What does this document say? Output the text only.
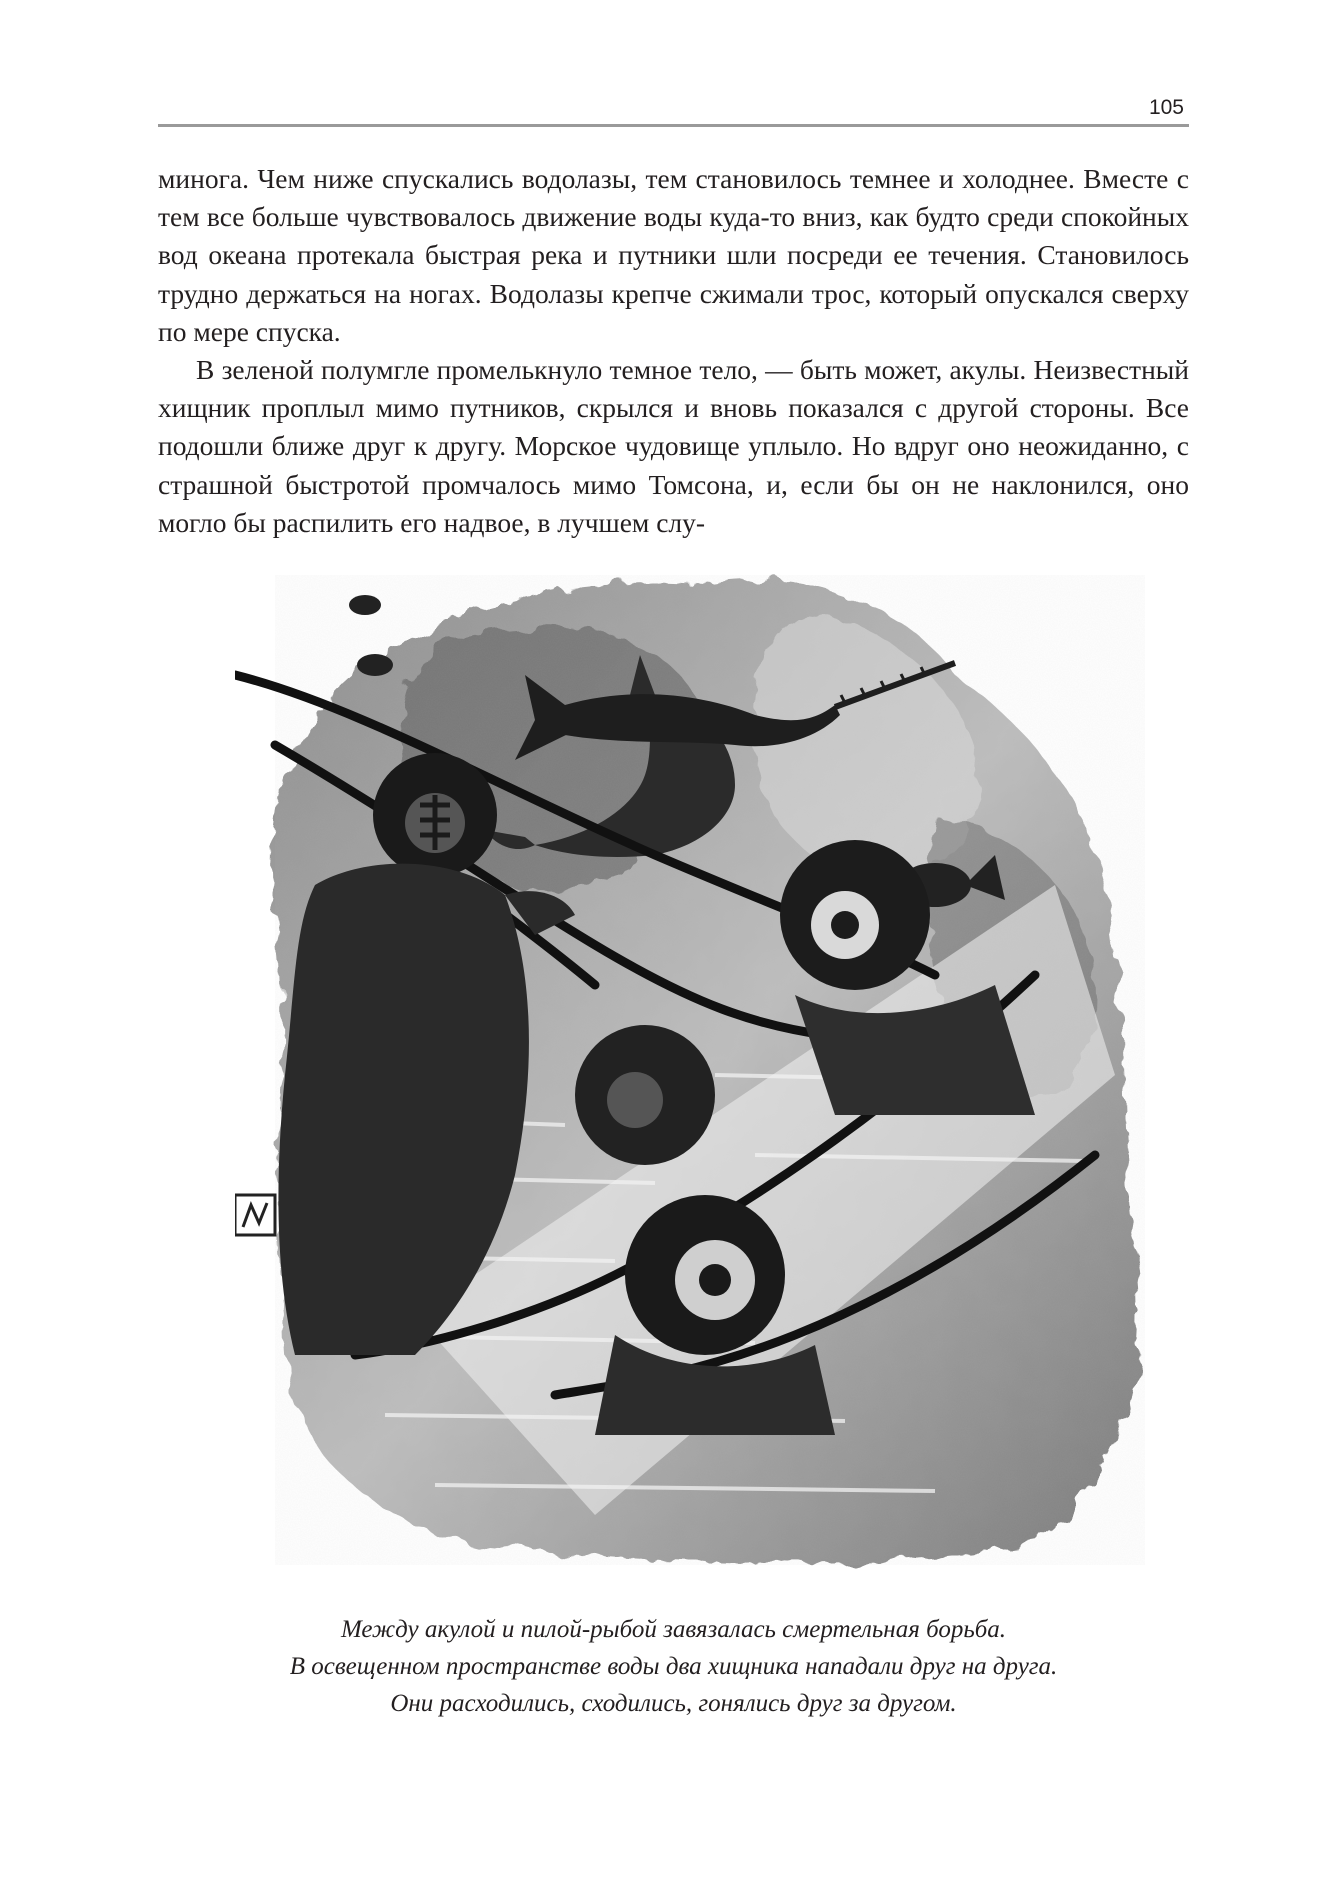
105

минога. Чем ниже спускались водолазы, тем становилось темнее и холоднее. Вместе с тем все больше чувствовалось движение воды куда-то вниз, как будто среди спокойных вод океана протекала быстрая река и путники шли посреди ее течения. Становилось трудно держаться на ногах. Водолазы крепче сжимали трос, который опускался сверху по мере спуска.

В зеленой полумгле промелькнуло темное тело, — быть может, акулы. Неизвестный хищник проплыл мимо путников, скрылся и вновь показался с другой стороны. Все подошли ближе друг к другу. Морское чудовище уплыло. Но вдруг оно неожиданно, с страшной быстротой промчалось мимо Томсона, и, если бы он не наклонился, оно могло бы распилить его надвое, в лучшем слу-

Между акулой и пилой-рыбой завязалась смертельная борьба.
В освещенном пространстве воды два хищника нападали друг на друга.
Они расходились, сходились, гонялись друг за другом.
